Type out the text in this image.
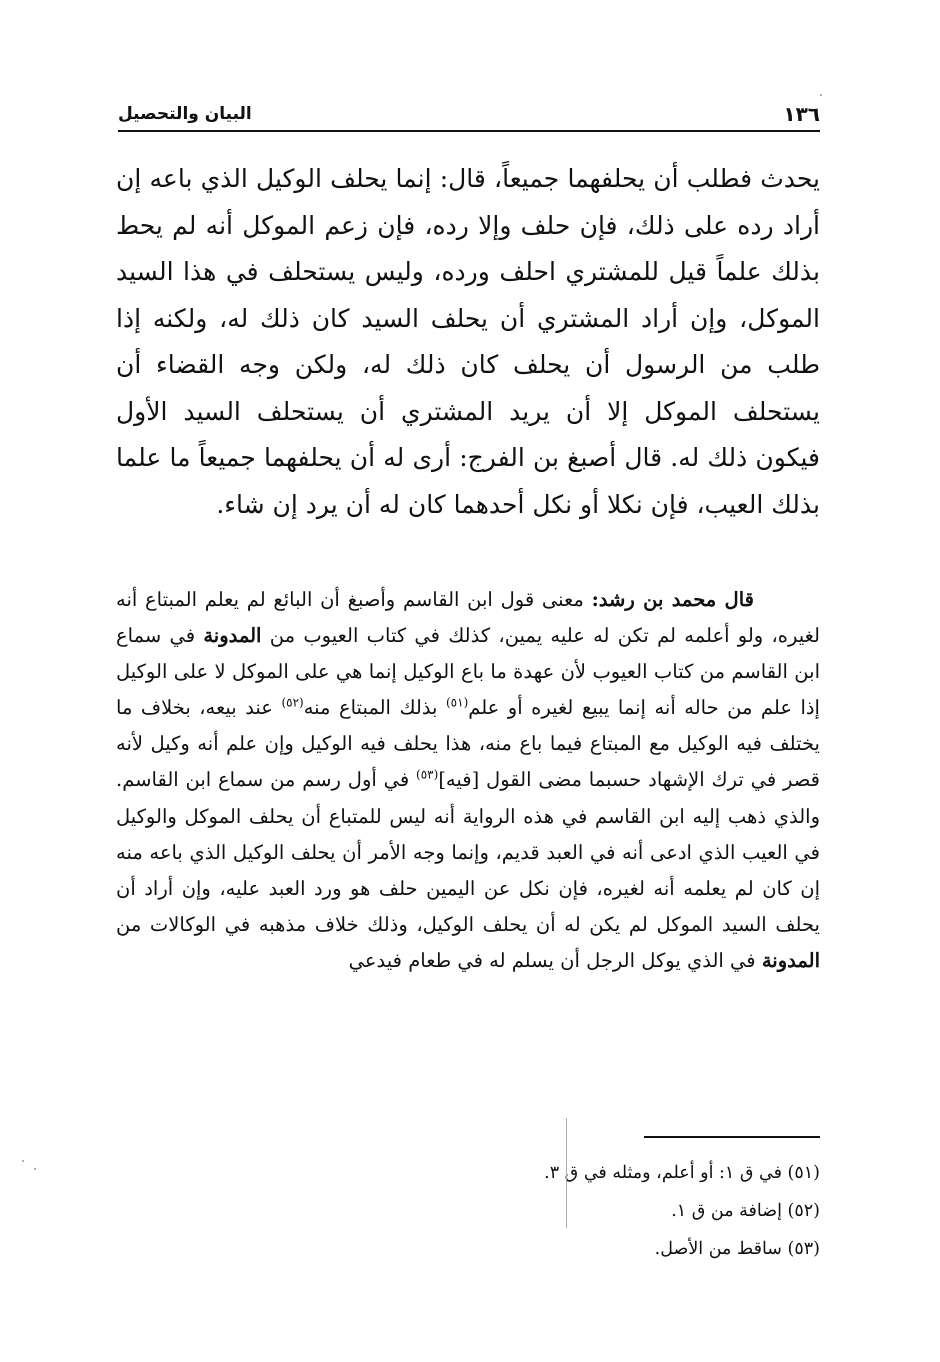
١٣٦
البيان والتحصيل

يحدث فطلب أن يحلفهما جميعاً، قال: إنما يحلف الوكيل الذي باعه إن أراد رده على ذلك، فإن حلف وإلا رده، فإن زعم الموكل أنه لم يحط بذلك علماً قيل للمشتري احلف ورده، وليس يستحلف في هذا السيد الموكل، وإن أراد المشتري أن يحلف السيد كان ذلك له، ولكنه إذا طلب من الرسول أن يحلف كان ذلك له، ولكن وجه القضاء أن يستحلف الموكل إلا أن يريد المشتري أن يستحلف السيد الأول فيكون ذلك له. قال أصبغ بن الفرج: أرى له أن يحلفهما جميعاً ما علما بذلك العيب، فإن نكلا أو نكل أحدهما كان له أن يرد إن شاء.

قال محمد بن رشد: معنى قول ابن القاسم وأصبغ أن البائع لم يعلم المبتاع أنه لغيره، ولو أعلمه لم تكن له عليه يمين، كذلك في كتاب العيوب من المدونة في سماع ابن القاسم من كتاب العيوب لأن عهدة ما باع الوكيل إنما هي على الموكل لا على الوكيل إذا علم من حاله أنه إنما يبيع لغيره أو علم$^{(٥١)}$ بذلك المبتاع منه$^{(٥٢)}$ عند بيعه، بخلاف ما يختلف فيه الوكيل مع المبتاع فيما باع منه، هذا يحلف فيه الوكيل وإن علم أنه وكيل لأنه قصر في ترك الإشهاد حسبما مضى القول [فيه]$^{(٥٣)}$ في أول رسم من سماع ابن القاسم. والذي ذهب إليه ابن القاسم في هذه الرواية أنه ليس للمتباع أن يحلف الموكل والوكيل في العيب الذي ادعى أنه في العبد قديم، وإنما وجه الأمر أن يحلف الوكيل الذي باعه منه إن كان لم يعلمه أنه لغيره، فإن نكل عن اليمين حلف هو ورد العبد عليه، وإن أراد أن يحلف السيد الموكل لم يكن له أن يحلف الوكيل، وذلك خلاف مذهبه في الوكالات من المدونة في الذي يوكل الرجل أن يسلم له في طعام فيدعي

(٥١) في ق ١: أو أعلم، ومثله في ق ٣.
(٥٢) إضافة من ق ١.
(٥٣) ساقط من الأصل.
